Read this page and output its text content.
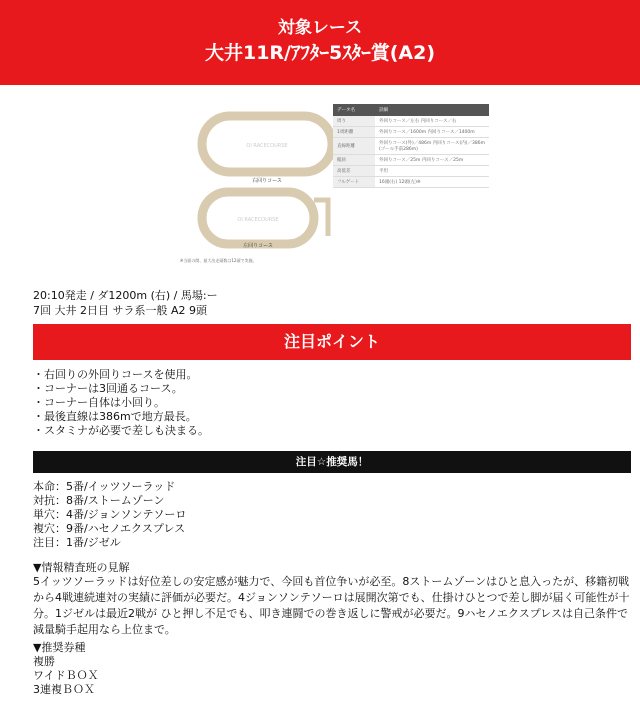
対象レース
大井11R/ｱﾌﾀｰ5ｽﾀｰ賞(A2)
OI RACECOURSE
右回りコース
OI RACECOURSE
左回りコース
※当面の間、最大出走頭数は12頭で実施。
データ名	詳細
周り	外回りコース／左右 内回りコース／右
1周距離	外回りコース／1600m 内回りコース／1400m
直線距離	外回りコース(外)／486m 内回りコース(内)／386m (ゴール手前286m)
幅員	外回りコース／25m 内回りコース／25m
高低差	平坦
フルゲート	16頭(右) 12頭(左)※
20:10発走 / ダ1200m (右) / 馬場:ー
7回 大井 2日目 サラ系一般 A2 9頭
注目ポイント
・右回りの外回りコースを使用。
・コーナーは3回通るコース。
・コーナー自体は小回り。
・最後直線は386mで地方最長。
・スタミナが必要で差しも決まる。
注目☆推奨馬！
本命：5番/イッツソーラッド
対抗：8番/ストームゾーン
単穴：4番/ジョンソンテソーロ
複穴：9番/ハセノエクスプレス
注目：1番/ジゼル
▼情報精査班の見解
5イッツソーラッドは好位差しの安定感が魅力で、今回も首位争いが必至。8ストームゾーンはひと息入ったが、移籍初戦から4戦連続連対の実績に評価が必要だ。4ジョンソンテソーロは展開次第でも、仕掛けひとつで差し脚が届く可能性が十分。1ジゼルは最近2戦が ひと押し不足でも、叩き連闘での巻き返しに警戒が必要だ。9ハセノエクスプレスは自己条件で減量騎手起用なら上位まで。
▼推奨券種
複勝
ワイドＢＯＸ
3連複ＢＯＸ
